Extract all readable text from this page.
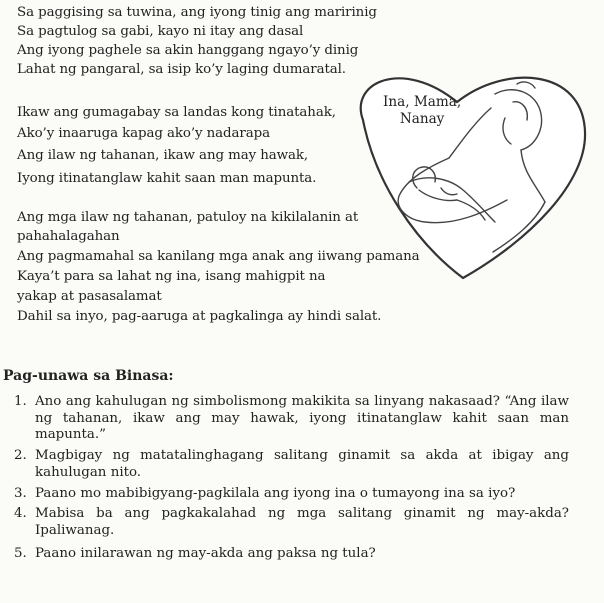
Ina, Mama,
Nanay
Sa paggising sa tuwina, ang iyong tinig ang maririnig
Sa pagtulog sa gabi, kayo ni itay ang dasal
Ang iyong paghele sa akin hanggang ngayo’y dinig
Lahat ng pangaral, sa isip ko’y laging dumaratal.
Ikaw ang gumagabay sa landas kong tinatahak,
Ako’y inaaruga kapag ako’y nadarapa
Ang ilaw ng tahanan, ikaw ang may hawak,
Iyong itinatanglaw kahit saan man mapunta.
Ang mga ilaw ng tahanan, patuloy na kikilalanin at
pahahalagahan
Ang pagmamahal sa kanilang mga anak ang iiwang pamana
Kaya’t para sa lahat ng ina, isang mahigpit na
yakap at pasasalamat
Dahil sa inyo, pag-aaruga at pagkalinga ay hindi salat.
Pag-unawa sa Binasa:
1. Ano ang kahulugan ng simbolismong makikita sa linyang nakasaad? “Ang ilaw ng tahanan, ikaw ang may hawak, iyong itinatanglaw kahit saan man mapunta.”
2. Magbigay ng matatalinghagang salitang ginamit sa akda at ibigay ang kahulugan nito.
3. Paano mo mabibigyang-pagkilala ang iyong ina o tumayong ina sa iyo?
4. Mabisa ba ang pagkakalahad ng mga salitang ginamit ng may-akda? Ipaliwanag.
5. Paano inilarawan ng may-akda ang paksa ng tula?
